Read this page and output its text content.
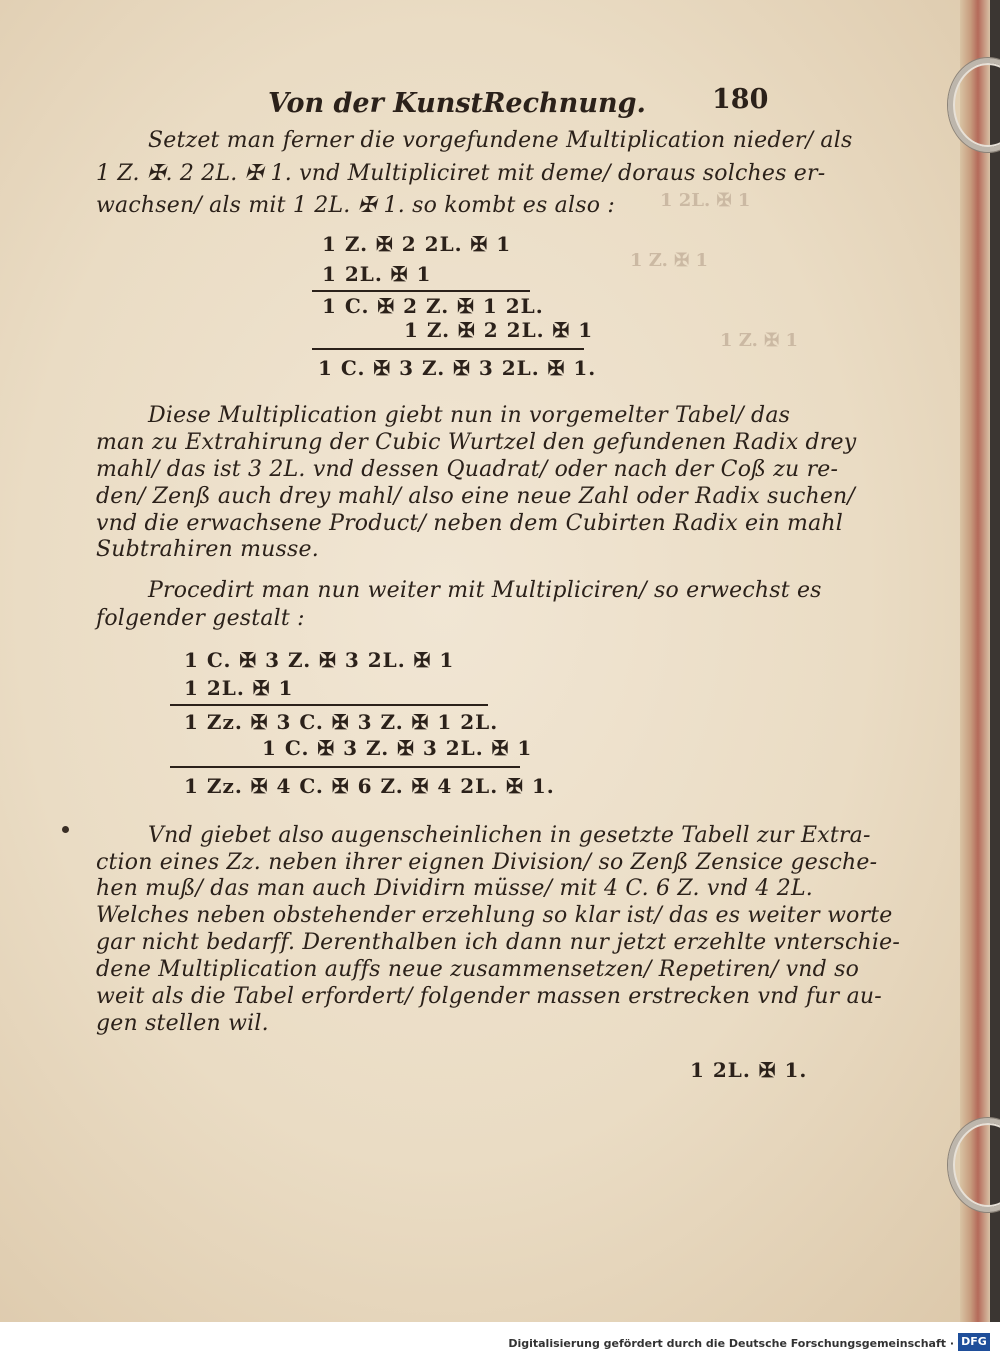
1 2L. ✠ 1
1 Z. ✠ 1
1 Z. ✠ 1
Von der KunstRechnung. 180
Setzet man ferner die vorgefundene Multiplication nieder/ als
1 Z. ✠. 2 2L. ✠ 1. vnd Multipliciret mit deme/ doraus solches er-
wachsen/ als mit 1 2L. ✠ 1. so kombt es also :
1 Z. ✠ 2 2L. ✠ 1
1 2L. ✠ 1
1 C. ✠ 2 Z. ✠ 1 2L.
1 Z. ✠ 2 2L. ✠ 1
1 C. ✠ 3 Z. ✠ 3 2L. ✠ 1.
Diese Multiplication giebt nun in vorgemelter Tabel/ das
man zu Extrahirung der Cubic Wurtzel den gefundenen Radix drey
mahl/ das ist 3 2L. vnd dessen Quadrat/ oder nach der Coß zu re-
den/ Zenß auch drey mahl/ also eine neue Zahl oder Radix suchen/
vnd die erwachsene Product/ neben dem Cubirten Radix ein mahl
Subtrahiren musse.
Procedirt man nun weiter mit Multipliciren/ so erwechst es
folgender gestalt :
1 C. ✠ 3 Z. ✠ 3 2L. ✠ 1
1 2L. ✠ 1
1 Zz. ✠ 3 C. ✠ 3 Z. ✠ 1 2L.
1 C. ✠ 3 Z. ✠ 3 2L. ✠ 1
1 Zz. ✠ 4 C. ✠ 6 Z. ✠ 4 2L. ✠ 1.
Vnd giebet also augenscheinlichen in gesetzte Tabell zur Extra-
ction eines Zz. neben ihrer eignen Division/ so Zenß Zensice gesche-
hen muß/ das man auch Dividirn müsse/ mit 4 C. 6 Z. vnd 4 2L.
Welches neben obstehender erzehlung so klar ist/ das es weiter worte
gar nicht bedarff. Derenthalben ich dann nur jetzt erzehlte vnterschie-
dene Multiplication auffs neue zusammensetzen/ Repetiren/ vnd so
weit als die Tabel erfordert/ folgender massen erstrecken vnd fur au-
gen stellen wil.
1 2L. ✠ 1.
Digitalisierung gefördert durch die Deutsche Forschungsgemeinschaft · DFG
